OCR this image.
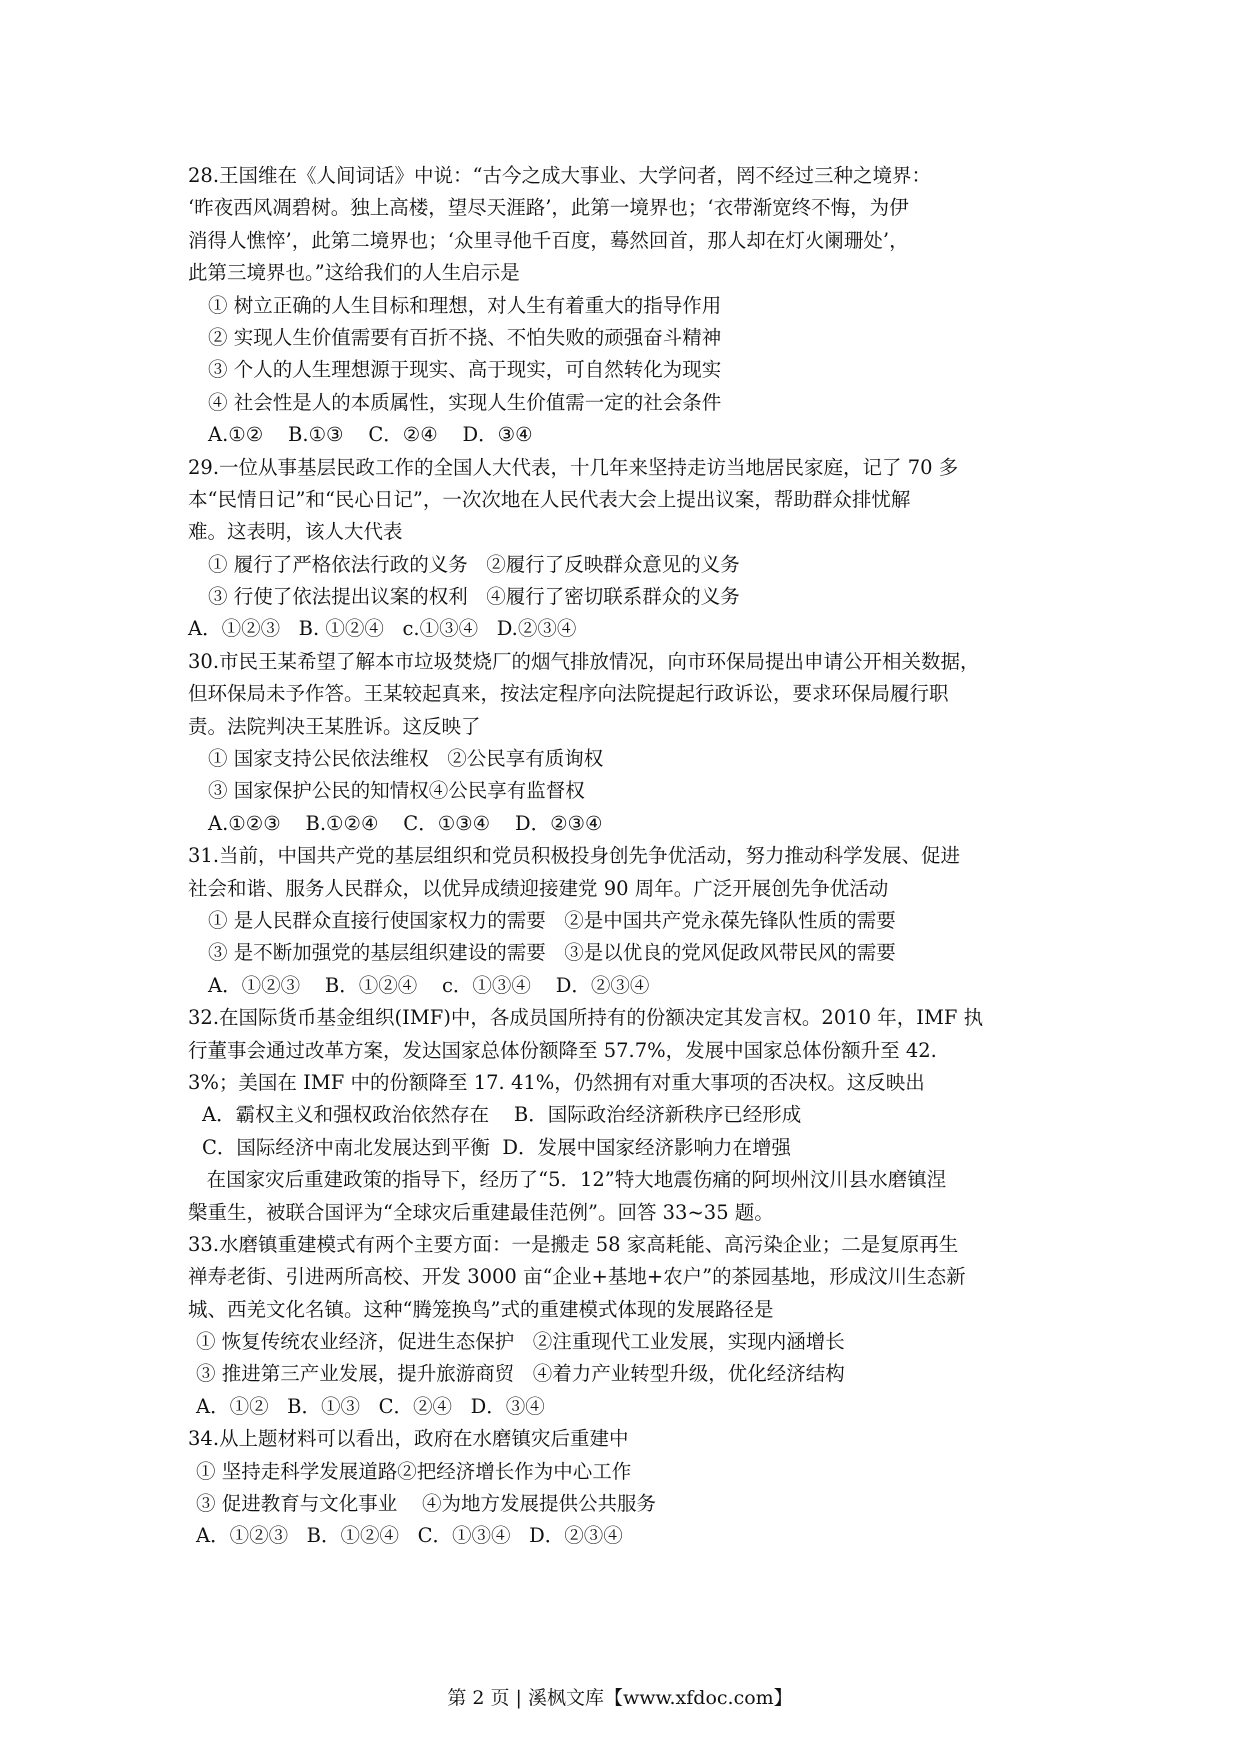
28.王国维在《人间词话》中说：“古今之成大事业、大学问者，罔不经过三种之境界：
‘昨夜西风凋碧树。独上高楼，望尽天涯路’，此第一境界也；‘衣带渐宽终不悔，为伊
消得人憔悴’，此第二境界也；‘众里寻他千百度，蓦然回首，那人却在灯火阑珊处’，
此第三境界也。”这给我们的人生启示是
① 树立正确的人生目标和理想，对人生有着重大的指导作用
② 实现人生价值需要有百折不挠、不怕失败的顽强奋斗精神
③ 个人的人生理想源于现实、高于现实，可自然转化为现实
④ 社会性是人的本质属性，实现人生价值需一定的社会条件
A.①②    B.①③    C．②④    D．③④
29.一位从事基层民政工作的全国人大代表，十几年来坚持走访当地居民家庭，记了 70 多
本“民情日记”和“民心日记”，一次次地在人民代表大会上提出议案，帮助群众排忧解
难。这表明，该人大代表
① 履行了严格依法行政的义务   ②履行了反映群众意见的义务
③ 行使了依法提出议案的权利   ④履行了密切联系群众的义务
A．①②③   B. ①②④   c.①③④   D.②③④
30.市民王某希望了解本市垃圾焚烧厂的烟气排放情况，向市环保局提出申请公开相关数据，
但环保局未予作答。王某较起真来，按法定程序向法院提起行政诉讼，要求环保局履行职
责。法院判决王某胜诉。这反映了
① 国家支持公民依法维权   ②公民享有质询权
③ 国家保护公民的知情权④公民享有监督权
A.①②③    B.①②④    C．①③④    D．②③④
31.当前，中国共产党的基层组织和党员积极投身创先争优活动，努力推动科学发展、促进
社会和谐、服务人民群众，以优异成绩迎接建党 90 周年。广泛开展创先争优活动
① 是人民群众直接行使国家权力的需要   ②是中国共产党永葆先锋队性质的需要
③ 是不断加强党的基层组织建设的需要   ③是以优良的党风促政风带民风的需要
A．①②③    B．①②④    c．①③④    D．②③④
32.在国际货币基金组织(IMF)中，各成员国所持有的份额决定其发言权。2010 年，IMF 执
行董事会通过改革方案，发达国家总体份额降至 57.7%，发展中国家总体份额升至 42.
3%；美国在 IMF 中的份额降至 17. 41%，仍然拥有对重大事项的否决权。这反映出
A．霸权主义和强权政治依然存在    B．国际政治经济新秩序已经形成
C．国际经济中南北发展达到平衡  D．发展中国家经济影响力在增强
在国家灾后重建政策的指导下，经历了“5．12”特大地震伤痛的阿坝州汶川县水磨镇涅
槃重生，被联合国评为“全球灾后重建最佳范例”。回答 33~35 题。
33.水磨镇重建模式有两个主要方面：一是搬走 58 家高耗能、高污染企业；二是复原再生
禅寿老街、引进两所高校、开发 3000 亩“企业+基地+农户”的茶园基地，形成汶川生态新
城、西羌文化名镇。这种“腾笼换鸟”式的重建模式体现的发展路径是
① 恢复传统农业经济，促进生态保护   ②注重现代工业发展，实现内涵增长
③ 推进第三产业发展，提升旅游商贸   ④着力产业转型升级，优化经济结构
A．①②   B．①③   C．②④   D．③④
34.从上题材料可以看出，政府在水磨镇灾后重建中
① 坚持走科学发展道路②把经济增长作为中心工作
③ 促进教育与文化事业    ④为地方发展提供公共服务
A．①②③   B．①②④   C．①③④   D．②③④
第 2 页 | 溪枫文库【www.xfdoc.com】
